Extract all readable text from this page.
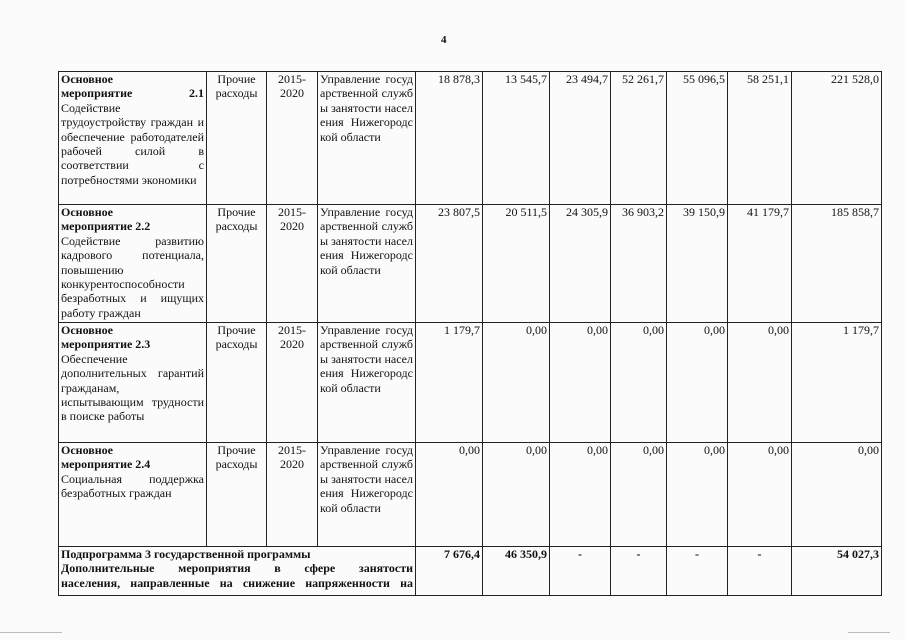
4
Основное
мероприятие 2.1
Содействие трудоустройству граждан и обеспечение работодателей рабочей силой в соответствии с потребностями экономики	Прочие расходы	2015-2020	Управление государственной службы занятости населения Нижегородской области	18 878,3	13 545,7	23 494,7	52 261,7	55 096,5	58 251,1	221 528,0

Основное
мероприятие 2.2
Содействие развитию кадрового потенциала, повышению конкурентоспособности безработных и ищущих работу граждан	Прочие расходы	2015-2020	Управление государственной службы занятости населения Нижегородской области	23 807,5	20 511,5	24 305,9	36 903,2	39 150,9	41 179,7	185 858,7

Основное
мероприятие 2.3
Обеспечение дополнительных гарантий гражданам, испытывающим трудности в поиске работы	Прочие расходы	2015-2020	Управление государственной службы занятости населения Нижегородской области	1 179,7	0,00	0,00	0,00	0,00	0,00	1 179,7

Основное
мероприятие 2.4
Социальная поддержка безработных граждан	Прочие расходы	2015-2020	Управление государственной службы занятости населения Нижегородской области	0,00	0,00	0,00	0,00	0,00	0,00	0,00

Подпрограмма 3 государственной программы
Дополнительные мероприятия в сфере занятости
населения, направленные на снижение напряженности на				7 676,4	46 350,9	-	-	-	-	54 027,3
